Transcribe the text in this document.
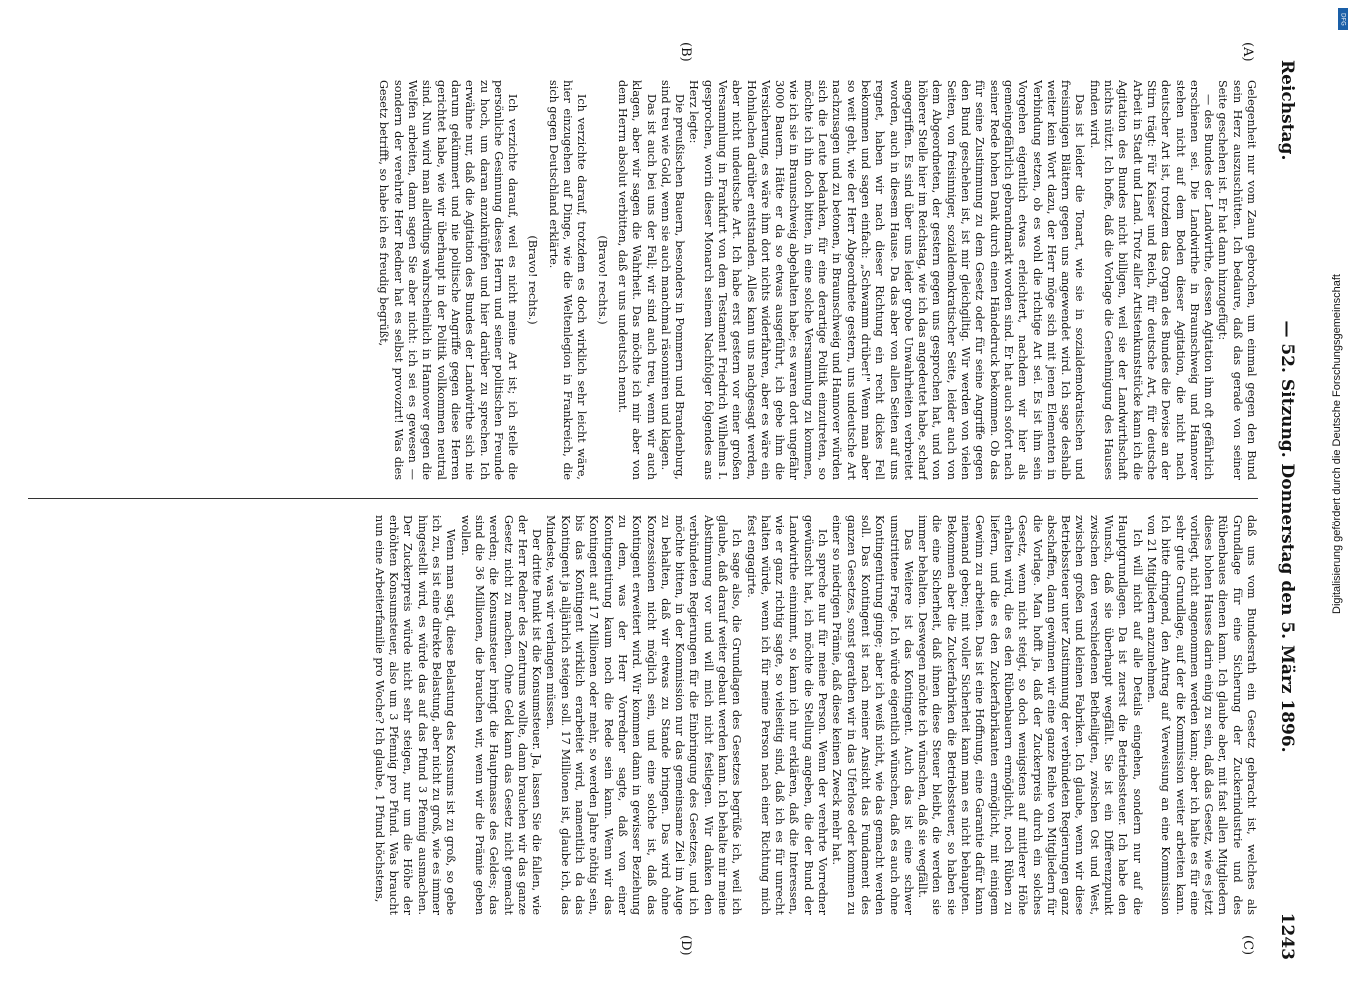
Reichstag.
— 52. Sitzung. Donnerstag den 5. März 1896.
1243
(A)
(B)
(C)
(D)

Gelegenheit nur vom Zaun gebrochen, um einmal gegen den Bund sein Herz auszuschütten. Ich bedaure, daß das gerade von seiner Seite geschehen ist. Er hat dann hinzugefügt:

— des Bundes der Landwirthe, dessen Agitation ihm oft gefährlich erschienen sei. Die Landwirthe in Braunschweig und Hannover stehen nicht auf dem Boden dieser Agitation, die nicht nach deutscher Art ist, trotzdem das Organ des Bundes die Devise an der Stirn trägt: Für Kaiser und Reich, für deutsche Art, für deutsche Arbeit in Stadt und Land. Trotz aller Artistenkunststücke kann ich die Agitation des Bundes nicht billigen, weil sie der Landwirthschaft nichts nützt. Ich hoffe, daß die Vorlage die Genehmigung des Hauses finden wird.

Das ist leider die Tonart, wie sie in sozialdemokratischen und freisinnigen Blättern gegen uns angewendet wird. Ich sage deshalb weiter kein Wort dazu, der Herr möge sich mit jenen Elementen in Verbindung setzen, ob es wohl die richtige Art sei. Es ist ihm sein Vorgehen eigentlich etwas erleichtert, nachdem wir hier als gemeingefährlich gebrandmarkt worden sind. Er hat auch sofort nach seiner Rede hohen Dank durch einen Händedruck bekommen. Ob das für seine Zustimmung zu dem Gesetz oder für seine Angriffe gegen den Bund geschehen ist, ist mir gleichgiltig. Wir werden von vielen Seiten, von freisinniger, sozialdemokratischer Seite, leider auch von dem Abgeordneten, der gestern gegen uns gesprochen hat, und von höherer Stelle hier im Reichstag, wie ich das angedeutet habe, scharf angegriffen. Es sind über uns leider grobe Unwahrheiten verbreitet worden, auch in diesem Hause. Da das aber von allen Seiten auf uns regnet, haben wir nach dieser Richtung ein recht dickes Fell bekommen und sagen einfach: „Schwamm drüber!" Wenn man aber so weit geht, wie der Herr Abgeordnete gestern, uns undeutsche Art nachzusagen und zu betonen, in Braunschweig und Hannover würden sich die Leute bedanken, für eine derartige Politik einzutreten, so möchte ich ihn doch bitten, in eine solche Versammlung zu kommen, wie ich sie in Braunschweig abgehalten habe; es waren dort ungefähr 3000 Bauern. Hätte er da so etwas ausgeführt, ich gebe ihm die Versicherung, es wäre ihm dort nichts widerfahren, aber es wäre ein Hohnlachen darüber entstanden. Alles kann uns nachgesagt werden, aber nicht undeutsche Art. Ich habe erst gestern vor einer großen Versammlung in Frankfurt von dem Testament Friedrich Wilhelms I. gesprochen, worin dieser Monarch seinem Nachfolger folgendes ans Herz legte:

Die preußischen Bauern, besonders in Pommern und Brandenburg, sind treu wie Gold, wenn sie auch manchmal räsonniren und klagen.

Das ist auch bei uns der Fall; wir sind auch treu, wenn wir auch klagen, aber wir sagen die Wahrheit. Das möchte ich mir aber von dem Herrn absolut verbitten, daß er uns undeutsch nennt.

(Bravo! rechts.)

Ich verzichte darauf, trotzdem es doch wirklich sehr leicht wäre, hier einzugehen auf Dinge, wie die Weltenlegion in Frankreich, die sich gegen Deutschland erklärte.

(Bravo! rechts.)

Ich verzichte darauf, weil es nicht meine Art ist; ich stelle die persönliche Gesinnung dieses Herrn und seiner politischen Freunde zu hoch, um daran anzuknüpfen und hier darüber zu sprechen. Ich erwähne nur, daß die Agitation des Bundes der Landwirthe sich nie darum gekümmert und nie politische Angriffe gegen diese Herren gerichtet habe, wie wir überhaupt in der Politik vollkommen neutral sind. Nun wird man allerdings wahrscheinlich in Hannover gegen die Welfen arbeiten, dann sagen Sie aber nicht: ich sei es gewesen — sondern der verehrte Herr Redner hat es selbst provozirt! Was dies Gesetz betrifft, so habe ich es freudig begrüßt,

daß uns vom Bundesrath ein Gesetz gebracht ist, welches als Grundlage für eine Sicherung der Zuckerindustrie und des Rübenbaues dienen kann. Ich glaube aber, mit fast allen Mitgliedern dieses hohen Hauses darin einig zu sein, daß das Gesetz, wie es jetzt vorliegt, nicht angenommen werden kann; aber ich halte es für eine sehr gute Grundlage, auf der die Kommission weiter arbeiten kann. Ich bitte dringend, den Antrag auf Verweisung an eine Kommission von 21 Mitgliedern anzunehmen.

Ich will nicht auf alle Details eingehen, sondern nur auf die Hauptgrundlagen. Da ist zuerst die Betriebssteuer. Ich habe den Wunsch, daß sie überhaupt wegfällt. Sie ist ein Differenzpunkt zwischen den verschiedenen Betheiligten, zwischen Ost und West, zwischen großen und kleinen Fabriken. Ich glaube, wenn wir diese Betriebssteuer unter Zustimmung der verbündeten Regierungen ganz abschaffen, dann gewinnen wir eine ganze Reihe von Mitgliedern für die Vorlage. Man hofft ja, daß der Zuckerpreis durch ein solches Gesetz, wenn nicht steigt, so doch wenigstens auf mittlerer Höhe erhalten wird, die es den Rübenbauern ermöglicht, noch Rüben zu liefern, und die es den Zuckerfabrikanten ermöglicht, mit einigem Gewinn zu arbeiten. Das ist eine Hoffnung, eine Garantie dafür kann niemand geben; mit voller Sicherheit kann man es nicht behaupten. Bekommen aber die Zuckerfabriken die Betriebssteuer, so haben sie die eine Sicherheit, daß ihnen diese Steuer bleibt, die werden sie immer behalten. Deswegen möchte ich wünschen, daß sie wegfällt.

Das Weitere ist das Kontingent. Auch das ist eine schwer umstrittene Frage. Ich würde eigentlich wünschen, daß es auch ohne Kontingentirung ginge; aber ich weiß nicht, wie das gemacht werden soll. Das Kontingent ist nach meiner Ansicht das Fundament des ganzen Gesetzes, sonst gerathen wir in das Uferlose oder kommen zu einer so niedrigen Prämie, daß diese keinen Zweck mehr hat.

Ich spreche nur für meine Person. Wenn der verehrte Vorredner gewünscht hat, ich möchte die Stellung angeben, die der Bund der Landwirthe einnimmt, so kann ich nur erklären, daß die Interessen, wie er ganz richtig sagte, so vielseitig sind, daß ich es für unrecht halten würde, wenn ich für meine Person nach einer Richtung mich fest engagirte.

Ich sage also, die Grundlagen des Gesetzes begrüße ich, weil ich glaube, daß darauf weiter gebaut werden kann. Ich behalte mir meine Abstimmung vor und will mich nicht festlegen. Wir danken den verbündeten Regierungen für die Einbringung des Gesetzes, und ich möchte bitten, in der Kommission nur das gemeinsame Ziel im Auge zu behalten, daß wir etwas zu Stande bringen. Das wird ohne Konzessionen nicht möglich sein, und eine solche ist, daß das Kontingent erweitert wird. Wir kommen dann in gewisser Beziehung zu dem, was der Herr Vorredner sagte, daß von einer Kontingentirung kaum noch die Rede sein kann. Wenn wir das Kontingent auf 17 Millionen oder mehr, so werden Jahre nöthig sein, bis das Kontingent wirklich erarbeitet wird, namentlich da das Kontingent ja alljährlich steigen soll. 17 Millionen ist, glaube ich, das Mindeste, was wir verlangen müssen.

Der dritte Punkt ist die Konsumsteuer. Ja, lassen Sie die fallen, wie der Herr Redner des Zentrums wollte, dann brauchen wir das ganze Gesetz nicht zu machen. Ohne Geld kann das Gesetz nicht gemacht werden; die Konsumsteuer bringt die Hauptmasse des Geldes; das sind die 36 Millionen, die brauchen wir, wenn wir die Prämie geben wollen.

Wenn man sagt, diese Belastung des Konsums ist zu groß, so gebe ich zu, es ist eine direkte Belastung, aber nicht zu groß, wie es immer hingestellt wird, es würde das auf das Pfund 3 Pfennig ausmachen. Der Zuckerpreis würde nicht sehr steigen, nur um die Höhe der erhöhten Konsumsteuer, also um 3 Pfennig pro Pfund. Was braucht nun eine Arbeiterfamilie pro Woche? Ich glaube, 1 Pfund höchstens,

DFG
Digitalisierung gefördert durch die Deutsche Forschungsgemeinschaft
